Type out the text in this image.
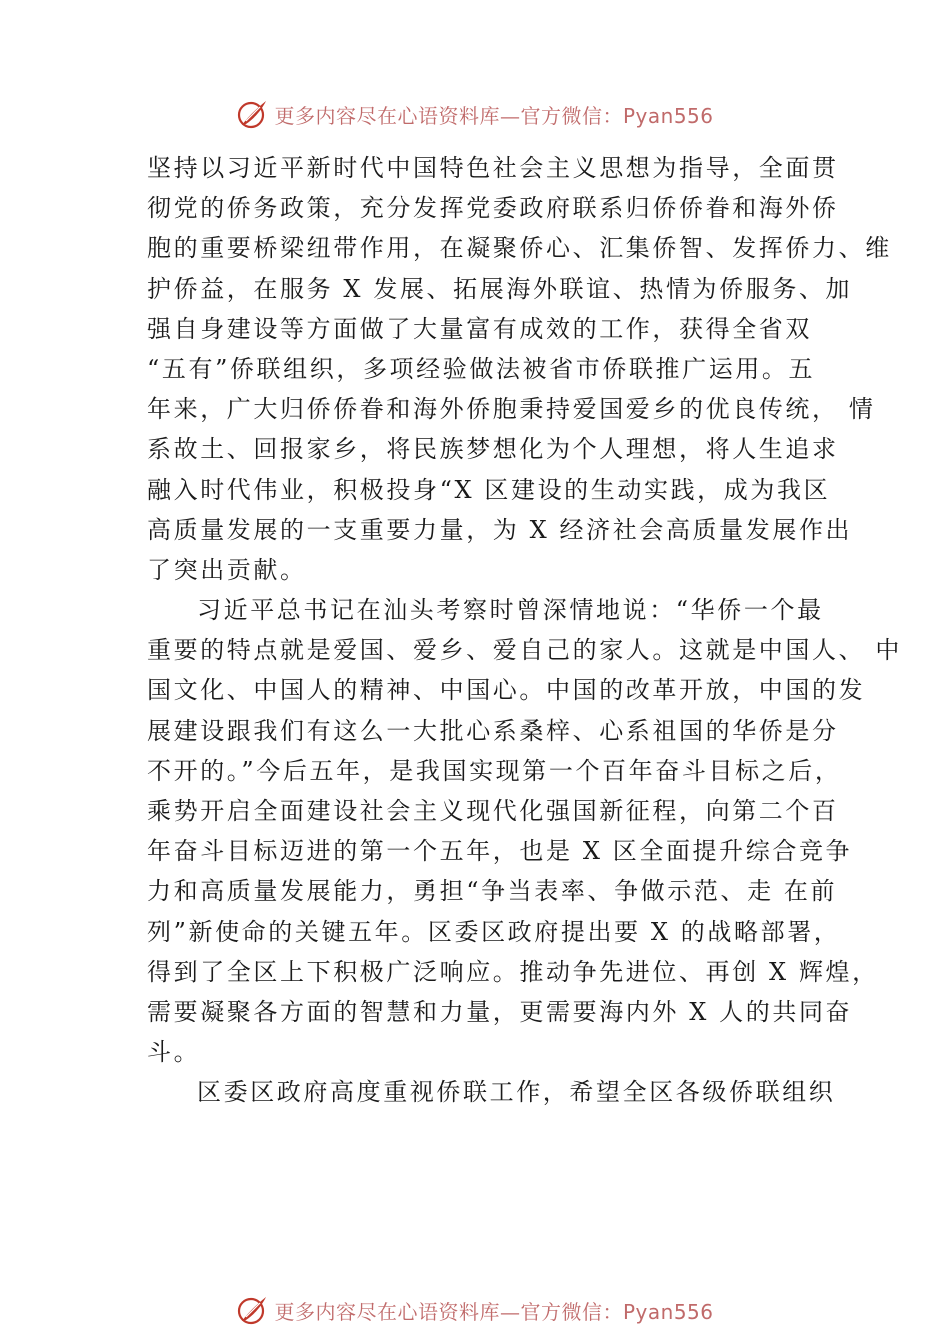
更多内容尽在心语资料库—官方微信：Pyan556
坚持以习近平新时代中国特色社会主义思想为指导，全面贯
彻党的侨务政策，充分发挥党委政府联系归侨侨眷和海外侨
胞的重要桥梁纽带作用，在凝聚侨心、汇集侨智、发挥侨力、维
护侨益，在服务 X 发展、拓展海外联谊、热情为侨服务、加
强自身建设等方面做了大量富有成效的工作，获得全省双
“五有”侨联组织，多项经验做法被省市侨联推广运用。五
年来，广大归侨侨眷和海外侨胞秉持爱国爱乡的优良传统， 情
系故土、回报家乡，将民族梦想化为个人理想，将人生追求
融入时代伟业，积极投身“X 区建设的生动实践，成为我区
高质量发展的一支重要力量，为 X 经济社会高质量发展作出
了突出贡献。
习近平总书记在汕头考察时曾深情地说：“华侨一个最
重要的特点就是爱国、爱乡、爱自己的家人。这就是中国人、 中
国文化、中国人的精神、中国心。中国的改革开放，中国的发
展建设跟我们有这么一大批心系桑梓、心系祖国的华侨是分
不开的。”今后五年，是我国实现第一个百年奋斗目标之后，
乘势开启全面建设社会主义现代化强国新征程，向第二个百
年奋斗目标迈进的第一个五年，也是 X 区全面提升综合竞争
力和高质量发展能力，勇担“争当表率、争做示范、走 在前
列”新使命的关键五年。区委区政府提出要 X 的战略部署，
得到了全区上下积极广泛响应。推动争先进位、再创 X 辉煌，
需要凝聚各方面的智慧和力量，更需要海内外 X 人的共同奋
斗。
区委区政府高度重视侨联工作，希望全区各级侨联组织
更多内容尽在心语资料库—官方微信：Pyan556
